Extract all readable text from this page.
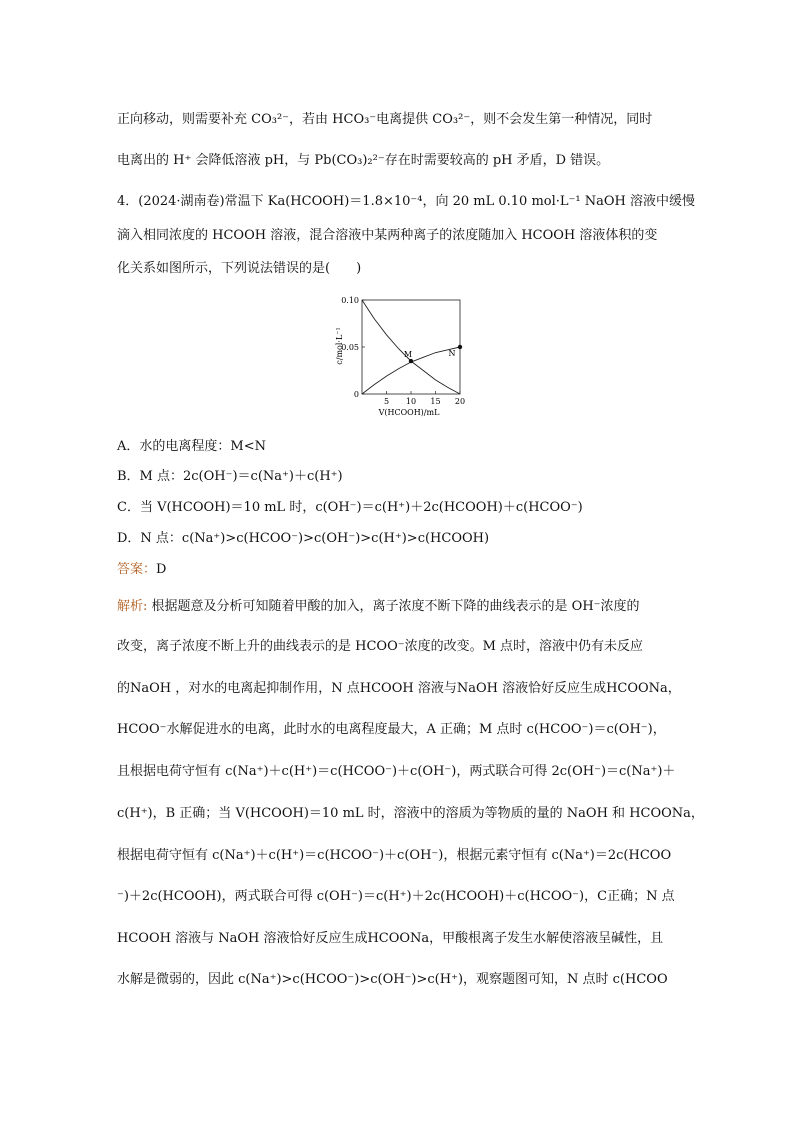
正向移动，则需要补充 CO₃²⁻，若由 HCO₃⁻电离提供 CO₃²⁻，则不会发生第一种情况，同时
电离出的 H⁺ 会降低溶液 pH，与 Pb(CO₃)₂²⁻存在时需要较高的 pH 矛盾，D 错误。
4．(2024·湖南卷)常温下 Ka(HCOOH)＝1.8×10⁻⁴，向 20 mL 0.10 mol·L⁻¹ NaOH 溶液中缓慢
滴入相同浓度的 HCOOH 溶液，混合溶液中某两种离子的浓度随加入 HCOOH 溶液体积的变
化关系如图所示，下列说法错误的是(　　)
0.10
0.05
0
5 10 15 20
M	N
c/mol·L⁻¹
V(HCOOH)/mL
A．水的电离程度：M<N
B．M 点：2c(OH⁻)＝c(Na⁺)＋c(H⁺)
C．当 V(HCOOH)＝10 mL 时，c(OH⁻)＝c(H⁺)＋2c(HCOOH)＋c(HCOO⁻)
D．N 点：c(Na⁺)>c(HCOO⁻)>c(OH⁻)>c(H⁺)>c(HCOOH)
答案：D
解析: 根据题意及分析可知随着甲酸的加入，离子浓度不断下降的曲线表示的是 OH⁻浓度的
改变，离子浓度不断上升的曲线表示的是 HCOO⁻浓度的改变。M 点时，溶液中仍有未反应
的NaOH ，对水的电离起抑制作用，N 点HCOOH 溶液与NaOH 溶液恰好反应生成HCOONa，
HCOO⁻水解促进水的电离，此时水的电离程度最大，A 正确；M 点时 c(HCOO⁻)＝c(OH⁻)，
且根据电荷守恒有 c(Na⁺)＋c(H⁺)＝c(HCOO⁻)＋c(OH⁻)，两式联合可得 2c(OH⁻)＝c(Na⁺)＋
c(H⁺)，B 正确；当 V(HCOOH)＝10 mL 时，溶液中的溶质为等物质的量的 NaOH 和 HCOONa，
根据电荷守恒有 c(Na⁺)＋c(H⁺)＝c(HCOO⁻)＋c(OH⁻)，根据元素守恒有 c(Na⁺)＝2c(HCOO
⁻)＋2c(HCOOH)，两式联合可得 c(OH⁻)＝c(H⁺)＋2c(HCOOH)＋c(HCOO⁻)，C正确；N 点
HCOOH 溶液与 NaOH 溶液恰好反应生成HCOONa，甲酸根离子发生水解使溶液呈碱性，且
水解是微弱的，因此 c(Na⁺)>c(HCOO⁻)>c(OH⁻)>c(H⁺)，观察题图可知，N 点时 c(HCOO
